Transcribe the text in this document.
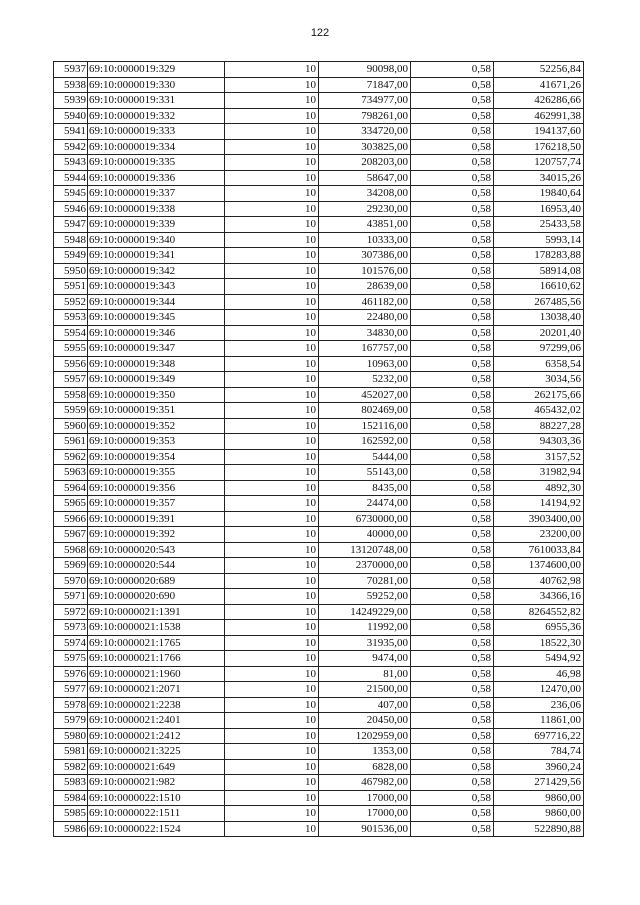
122
5937	69:10:0000019:329	10	90098,00	0,58	52256,84
5938	69:10:0000019:330	10	71847,00	0,58	41671,26
5939	69:10:0000019:331	10	734977,00	0,58	426286,66
5940	69:10:0000019:332	10	798261,00	0,58	462991,38
5941	69:10:0000019:333	10	334720,00	0,58	194137,60
5942	69:10:0000019:334	10	303825,00	0,58	176218,50
5943	69:10:0000019:335	10	208203,00	0,58	120757,74
5944	69:10:0000019:336	10	58647,00	0,58	34015,26
5945	69:10:0000019:337	10	34208,00	0,58	19840,64
5946	69:10:0000019:338	10	29230,00	0,58	16953,40
5947	69:10:0000019:339	10	43851,00	0,58	25433,58
5948	69:10:0000019:340	10	10333,00	0,58	5993,14
5949	69:10:0000019:341	10	307386,00	0,58	178283,88
5950	69:10:0000019:342	10	101576,00	0,58	58914,08
5951	69:10:0000019:343	10	28639,00	0,58	16610,62
5952	69:10:0000019:344	10	461182,00	0,58	267485,56
5953	69:10:0000019:345	10	22480,00	0,58	13038,40
5954	69:10:0000019:346	10	34830,00	0,58	20201,40
5955	69:10:0000019:347	10	167757,00	0,58	97299,06
5956	69:10:0000019:348	10	10963,00	0,58	6358,54
5957	69:10:0000019:349	10	5232,00	0,58	3034,56
5958	69:10:0000019:350	10	452027,00	0,58	262175,66
5959	69:10:0000019:351	10	802469,00	0,58	465432,02
5960	69:10:0000019:352	10	152116,00	0,58	88227,28
5961	69:10:0000019:353	10	162592,00	0,58	94303,36
5962	69:10:0000019:354	10	5444,00	0,58	3157,52
5963	69:10:0000019:355	10	55143,00	0,58	31982,94
5964	69:10:0000019:356	10	8435,00	0,58	4892,30
5965	69:10:0000019:357	10	24474,00	0,58	14194,92
5966	69:10:0000019:391	10	6730000,00	0,58	3903400,00
5967	69:10:0000019:392	10	40000,00	0,58	23200,00
5968	69:10:0000020:543	10	13120748,00	0,58	7610033,84
5969	69:10:0000020:544	10	2370000,00	0,58	1374600,00
5970	69:10:0000020:689	10	70281,00	0,58	40762,98
5971	69:10:0000020:690	10	59252,00	0,58	34366,16
5972	69:10:0000021:1391	10	14249229,00	0,58	8264552,82
5973	69:10:0000021:1538	10	11992,00	0,58	6955,36
5974	69:10:0000021:1765	10	31935,00	0,58	18522,30
5975	69:10:0000021:1766	10	9474,00	0,58	5494,92
5976	69:10:0000021:1960	10	81,00	0,58	46,98
5977	69:10:0000021:2071	10	21500,00	0,58	12470,00
5978	69:10:0000021:2238	10	407,00	0,58	236,06
5979	69:10:0000021:2401	10	20450,00	0,58	11861,00
5980	69:10:0000021:2412	10	1202959,00	0,58	697716,22
5981	69:10:0000021:3225	10	1353,00	0,58	784,74
5982	69:10:0000021:649	10	6828,00	0,58	3960,24
5983	69:10:0000021:982	10	467982,00	0,58	271429,56
5984	69:10:0000022:1510	10	17000,00	0,58	9860,00
5985	69:10:0000022:1511	10	17000,00	0,58	9860,00
5986	69:10:0000022:1524	10	901536,00	0,58	522890,88
